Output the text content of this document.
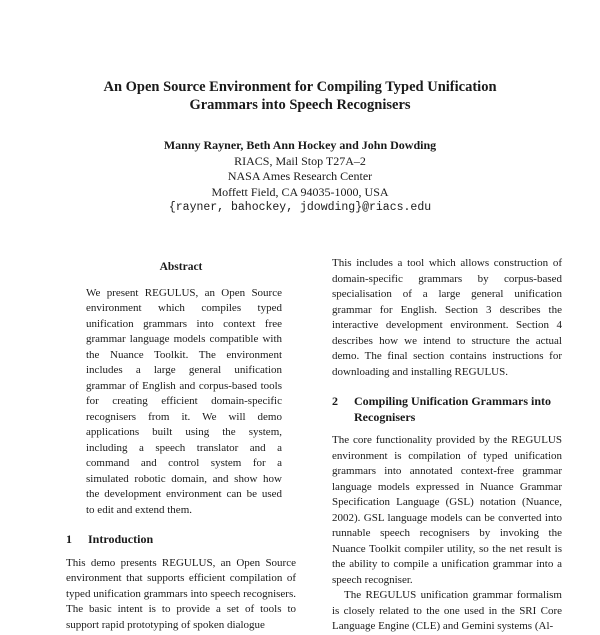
An Open Source Environment for Compiling Typed Unification
Grammars into Speech Recognisers
Manny Rayner, Beth Ann Hockey and John Dowding
RIACS, Mail Stop T27A–2
NASA Ames Research Center
Moffett Field, CA 94035-1000, USA
{rayner, bahockey, jdowding}@riacs.edu
Abstract

We present REGULUS, an Open Source environment which compiles typed unification grammars into context free grammar language models compatible with the Nuance Toolkit. The environment includes a large general unification grammar of English and corpus-based tools for creating efficient domain-specific recognisers from it. We will demo applications built using the system, including a speech translator and a command and control system for a simulated robotic domain, and show how the development environment can be used to edit and extend them.

1	Introduction

This demo presents REGULUS, an Open Source environment that supports efficient compilation of typed unification grammars into speech recognisers. The basic intent is to provide a set of tools to support rapid prototyping of spoken dialogue

This includes a tool which allows construction of domain-specific grammars by corpus-based specialisation of a large general unification grammar for English. Section 3 describes the interactive development environment. Section 4 describes how we intend to structure the actual demo. The final section contains instructions for downloading and installing REGULUS.

2	Compiling Unification Grammars into Recognisers

The core functionality provided by the REGULUS environment is compilation of typed unification grammars into annotated context-free grammar language models expressed in Nuance Grammar Specification Language (GSL) notation (Nuance, 2002). GSL language models can be converted into runnable speech recognisers by invoking the Nuance Toolkit compiler utility, so the net result is the ability to compile a unification grammar into a speech recogniser.

The REGULUS unification grammar formalism is closely related to the one used in the SRI Core Language Engine (CLE) and Gemini systems (Al-
